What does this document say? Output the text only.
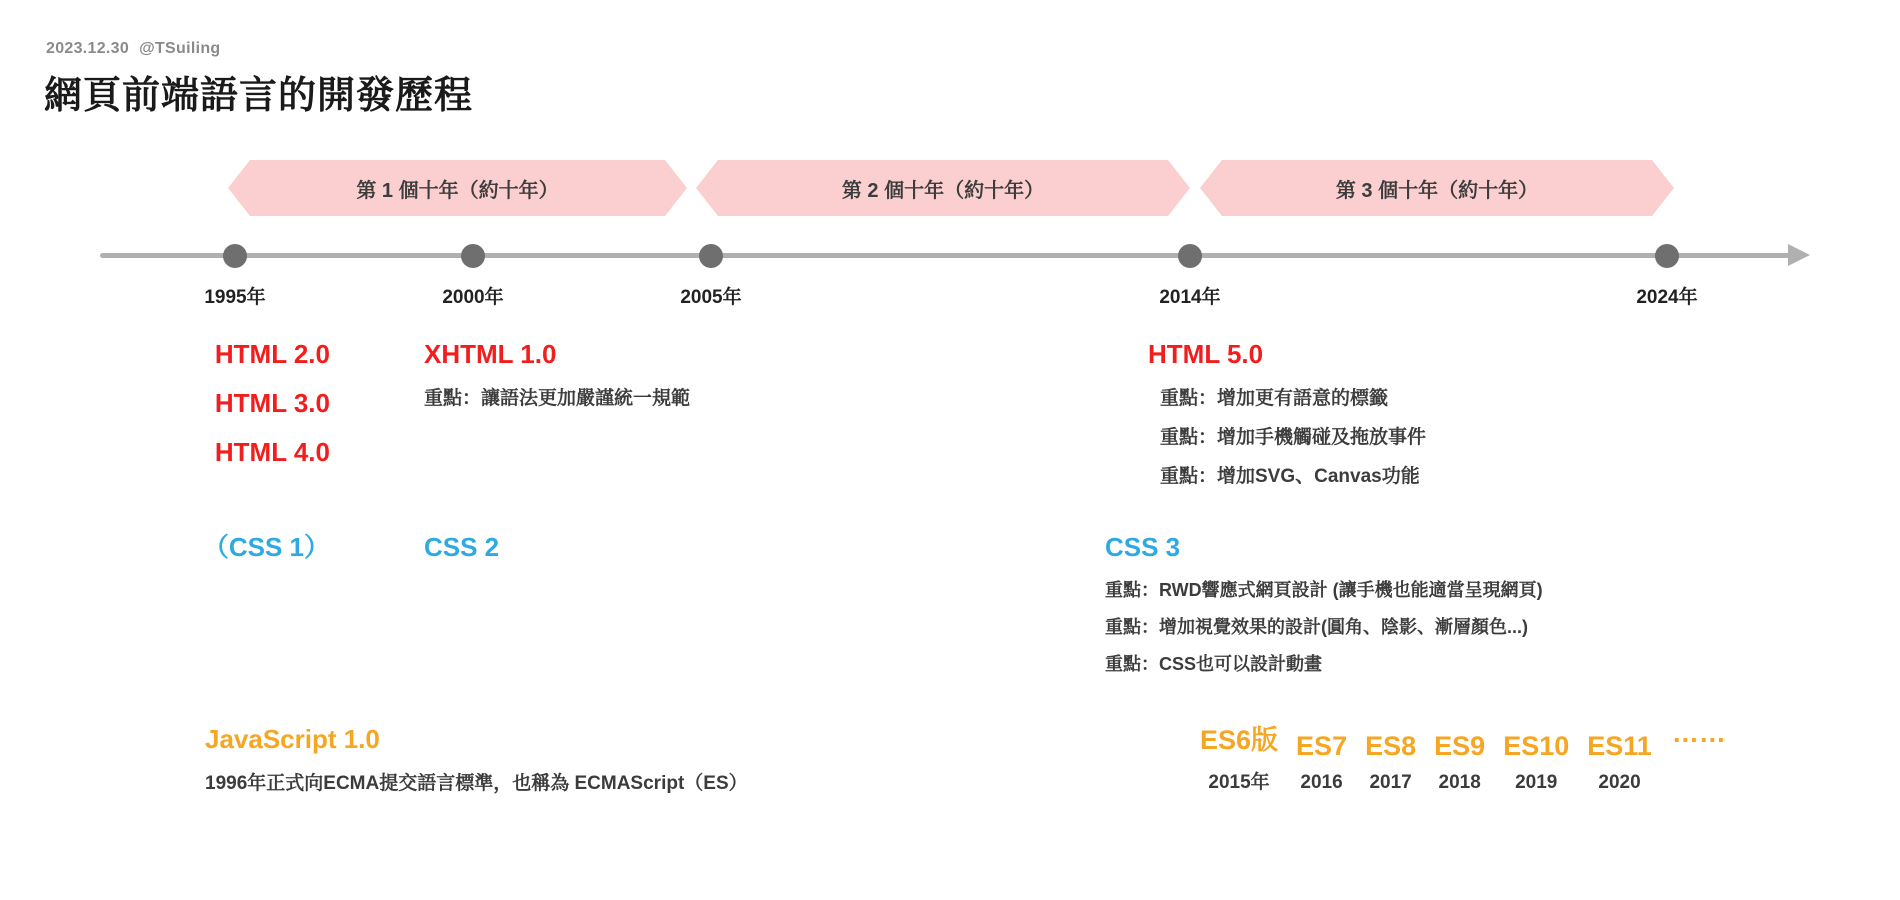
2023.12.30 @TSuiling
網頁前端語言的開發歷程
第 1 個十年（約十年）	第 2 個十年（約十年）	第 3 個十年（約十年）
1995年	2000年	2005年	2014年	2024年
HTML 2.0
HTML 3.0
HTML 4.0
XHTML 1.0
重點：讓語法更加嚴謹統一規範
HTML 5.0
重點：增加更有語意的標籤
重點：增加手機觸碰及拖放事件
重點：增加SVG、Canvas功能
（CSS 1）	CSS 2	CSS 3
重點：RWD響應式網頁設計 (讓手機也能適當呈現網頁)
重點：增加視覺效果的設計(圓角、陰影、漸層顏色...)
重點：CSS也可以設計動畫
JavaScript 1.0
1996年正式向ECMA提交語言標準，也稱為 ECMAScript（ES）
ES6版
2015年
ES7
2016
ES8
2017
ES9
2018
ES10
2019
ES11
2020
……
